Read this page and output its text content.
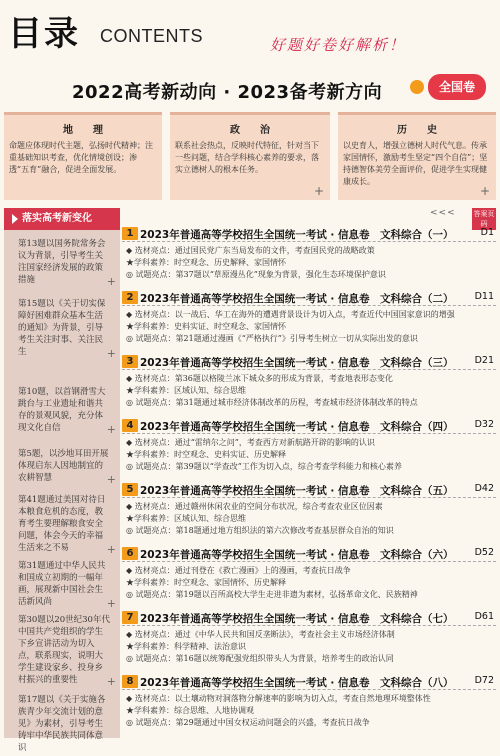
目录 CONTENTS	好题好卷好解析！
2022高考新动向 · 2023备考新方向	全国卷
地　　理

命题应体现时代主题，弘扬时代精神；注重基础知识考查，优化情境创设；渗透“五育”融合，促进全面发展。

政　　治

联系社会热点，反映时代特征，针对当下一些问题，结合学科核心素养的要求，落实立德树人的根本任务。

+
历　　史

以史育人，增强立德树人时代气息。传承家国情怀，激励考生坚定“四个自信”；坚持德智体美劳全面评价，促进学生实现健康成长。

+
落实高考新变化
第13题以国务院常务会议为背景，引导考生关注国家经济发展的政策措施	+
第15题以《关于切实保障好困难群众基本生活的通知》为背景，引导考生关注时事、关注民生	+
第10题，以首钢滑雪大跳台与工业遗址和谐共存的景观风貌，充分体现文化自信	+
第5题，以沙地耳田开展体现启东人因地制宜的农耕智慧	+
第41题通过美国对待日本粮食危机的态度，教育考生要理解粮食安全问题，体会今天的幸福生活来之不易	+
第31题通过中华人民共和国成立初期的一幅年画，展现新中国社会生活新风尚	+
第30题以20世纪30年代中国共产党组织的学生下乡宣讲活动为切入点，联系现实，说明大学生建设家乡、投身乡村振兴的重要性	+
第17题以《关于实施各族青少年交流计划的意见》为素材，引导考生铸牢中华民族共同体意识
<<<	答案页码
1 2023年普通高等学校招生全国统一考试 · 信息卷　文科综合（一）	D1
◆ 选材亮点：通过国民党广东当局发布的文件，考查国民党的战略政策
★学科素养：时空观念、历史解释、家国情怀
◎ 试题亮点：第37题以“草原漫丛化”现象为背景，强化生态环境保护意识
2 2023年普通高等学校招生全国统一考试 · 信息卷　文科综合（二） D11
◆ 选材亮点：以一战后、华工在海外的遭遇背景设计为切入点，考查近代中国国家意识的增强
★学科素养：史料实证、时空观念、家国情怀
◎ 试题亮点：第21题通过漫画《“严格执行”》引导考生树立一切从实际出发的意识
3 2023年普通高等学校招生全国统一考试 · 信息卷　文科综合（三） D21
◆ 选材亮点：第36题以格陵兰冰下城众多的形成为背景，考查地表形态变化
★学科素养：区域认知、综合思维
◎ 试题亮点：第31题通过城市经济体制改革的历程，考查城市经济体制改革的特点
4 2023年普通高等学校招生全国统一考试 · 信息卷　文科综合（四） D32
◆ 选材亮点：通过“雷纳尔之问”，考查西方对新航路开辟的影响的认识
★学科素养：时空观念、史料实证、历史解释
◎ 试题亮点：第39题以“学查改”工作为切入点，综合考查学科能力和核心素养
5 2023年普通高等学校招生全国统一考试 · 信息卷　文科综合（五） D42
◆ 选材亮点：通过赣州休闲农业的空间分布状况，综合考查农业区位因素
★学科素养：区域认知、综合思维
◎ 试题亮点：第18题通过地方组织法的第六次修改考查基层群众自治的知识
6 2023年普通高等学校招生全国统一考试 · 信息卷　文科综合（六） D52
◆ 选材亮点：通过刊登在《救亡漫画》上的漫画，考查抗日战争
★学科素养：时空观念、家国情怀、历史解释
◎ 试题亮点：第19题以百所高校大学生走进非遗为素材，弘扬革命文化、民族精神
7 2023年普通高等学校招生全国统一考试 · 信息卷　文科综合（七） D61
◆ 选材亮点：通过《中华人民共和国反垄断法》，考查社会主义市场经济体制
★学科素养：科学精神、法治意识
◎ 试题亮点：第16题以统筹配强党组织带头人为背景，培养考生的政治认同
8 2023年普通高等学校招生全国统一考试 · 信息卷　文科综合（八） D72
◆ 选材亮点：以土壤动物对洞落物分解速率的影响为切入点，考查自然地理环境整体性
★学科素养：综合思维、人地协调观
◎ 试题亮点：第29题通过中国女权运动问题会的兴盛，考查抗日战争
